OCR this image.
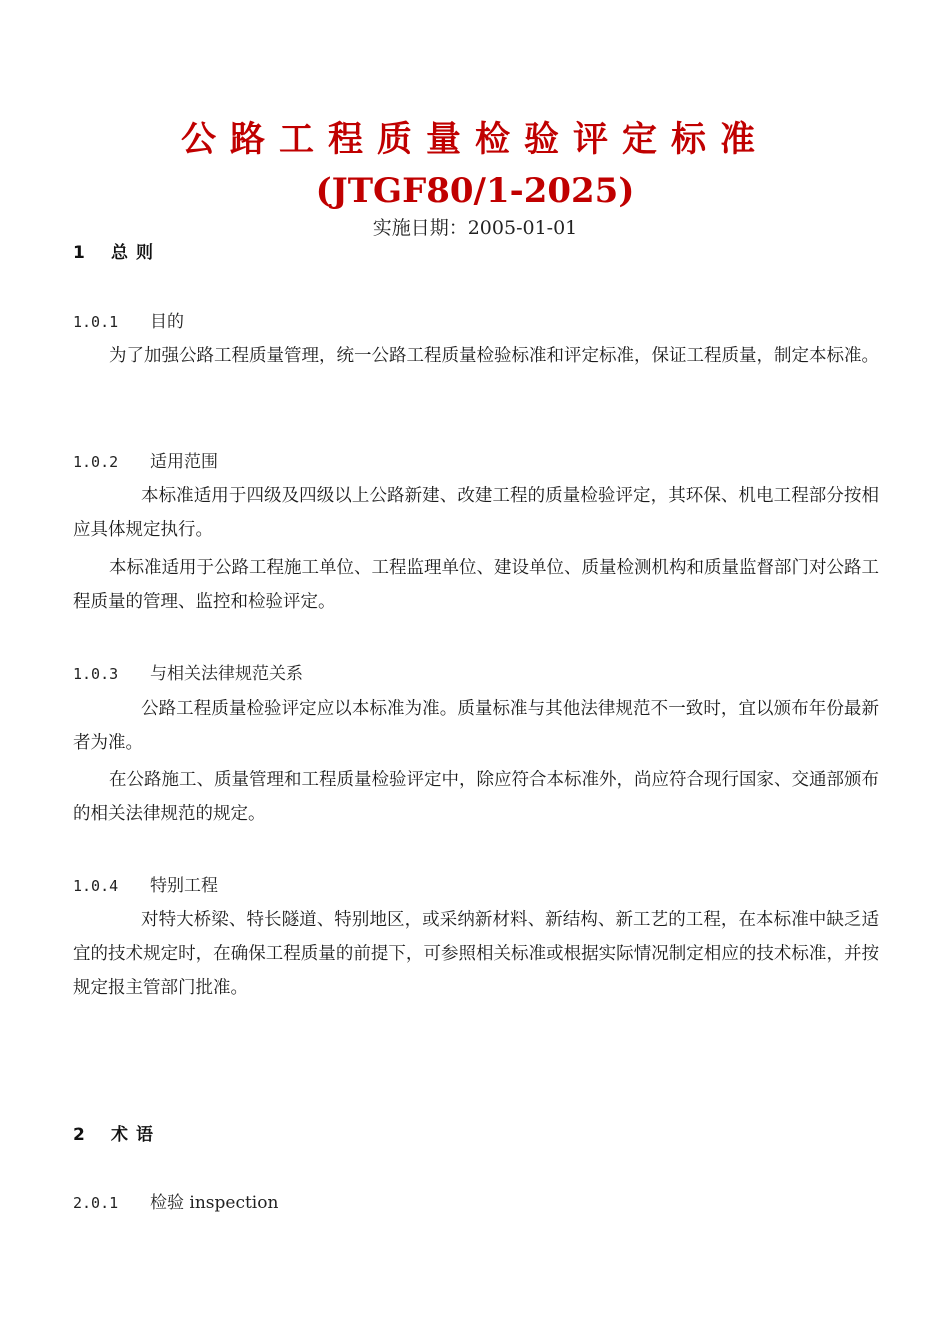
公路工程质量检验评定标准
(JTGF80/1-2025)
实施日期：2005-01-01
1 总则
1.0.1 目的
为了加强公路工程质量管理，统一公路工程质量检验标准和评定标准，保证工程质量，制定本标准。
1.0.2 适用范围
本标准适用于四级及四级以上公路新建、改建工程的质量检验评定，其环保、机电工程部分按相应具体规定执行。
本标准适用于公路工程施工单位、工程监理单位、建设单位、质量检测机构和质量监督部门对公路工程质量的管理、监控和检验评定。
1.0.3 与相关法律规范关系
公路工程质量检验评定应以本标准为准。质量标准与其他法律规范不一致时，宜以颁布年份最新者为准。
在公路施工、质量管理和工程质量检验评定中，除应符合本标准外，尚应符合现行国家、交通部颁布的相关法律规范的规定。
1.0.4 特别工程
对特大桥梁、特长隧道、特别地区，或采纳新材料、新结构、新工艺的工程，在本标准中缺乏适宜的技术规定时，在确保工程质量的前提下，可参照相关标准或根据实际情况制定相应的技术标准，并按规定报主管部门批准。
2 术语
2.0.1 检验 inspection
